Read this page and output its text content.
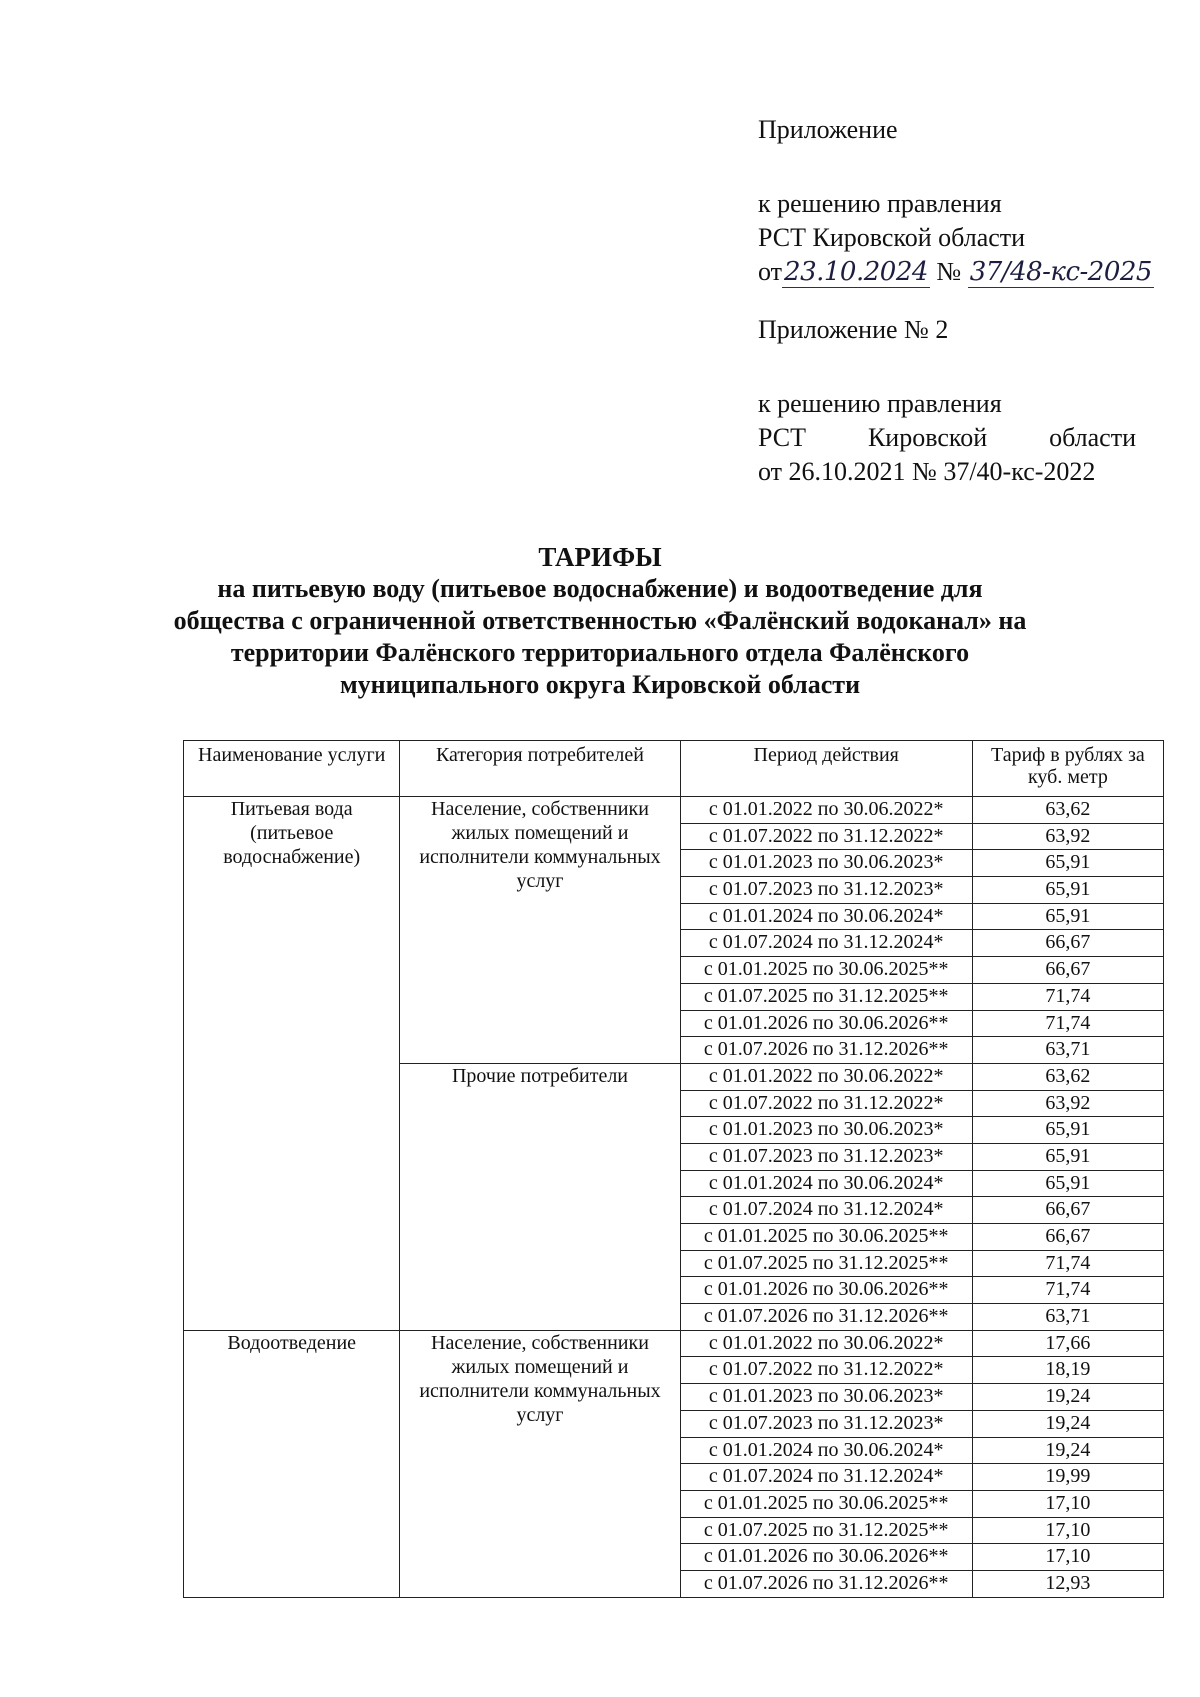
Приложение
к решению правления
РСТ Кировской области
от23.10.2024 № 37/48-кс-2025
Приложение № 2
к решению правления
РСТ Кировской области
от 26.10.2021 № 37/40-кс-2022
ТАРИФЫ
на питьевую воду (питьевое водоснабжение) и водоотведение для
общества с ограниченной ответственностью «Фалёнский водоканал» на
территории Фалёнского территориального отдела Фалёнского
муниципального округа Кировской области
Наименование услуги	Категория потребителей	Период действия	Тариф в рублях за куб. метр
Питьевая вода (питьевое водоснабжение)	Население, собственники жилых помещений и исполнители коммунальных услуг	с 01.01.2022 по 30.06.2022*	63,62
		с 01.07.2022 по 31.12.2022*	63,92
		с 01.01.2023 по 30.06.2023*	65,91
		с 01.07.2023 по 31.12.2023*	65,91
		с 01.01.2024 по 30.06.2024*	65,91
		с 01.07.2024 по 31.12.2024*	66,67
		с 01.01.2025 по 30.06.2025**	66,67
		с 01.07.2025 по 31.12.2025**	71,74
		с 01.01.2026 по 30.06.2026**	71,74
		с 01.07.2026 по 31.12.2026**	63,71
	Прочие потребители	с 01.01.2022 по 30.06.2022*	63,62
		с 01.07.2022 по 31.12.2022*	63,92
		с 01.01.2023 по 30.06.2023*	65,91
		с 01.07.2023 по 31.12.2023*	65,91
		с 01.01.2024 по 30.06.2024*	65,91
		с 01.07.2024 по 31.12.2024*	66,67
		с 01.01.2025 по 30.06.2025**	66,67
		с 01.07.2025 по 31.12.2025**	71,74
		с 01.01.2026 по 30.06.2026**	71,74
		с 01.07.2026 по 31.12.2026**	63,71
Водоотведение	Население, собственники жилых помещений и исполнители коммунальных услуг	с 01.01.2022 по 30.06.2022*	17,66
		с 01.07.2022 по 31.12.2022*	18,19
		с 01.01.2023 по 30.06.2023*	19,24
		с 01.07.2023 по 31.12.2023*	19,24
		с 01.01.2024 по 30.06.2024*	19,24
		с 01.07.2024 по 31.12.2024*	19,99
		с 01.01.2025 по 30.06.2025**	17,10
		с 01.07.2025 по 31.12.2025**	17,10
		с 01.01.2026 по 30.06.2026**	17,10
		с 01.07.2026 по 31.12.2026**	12,93
